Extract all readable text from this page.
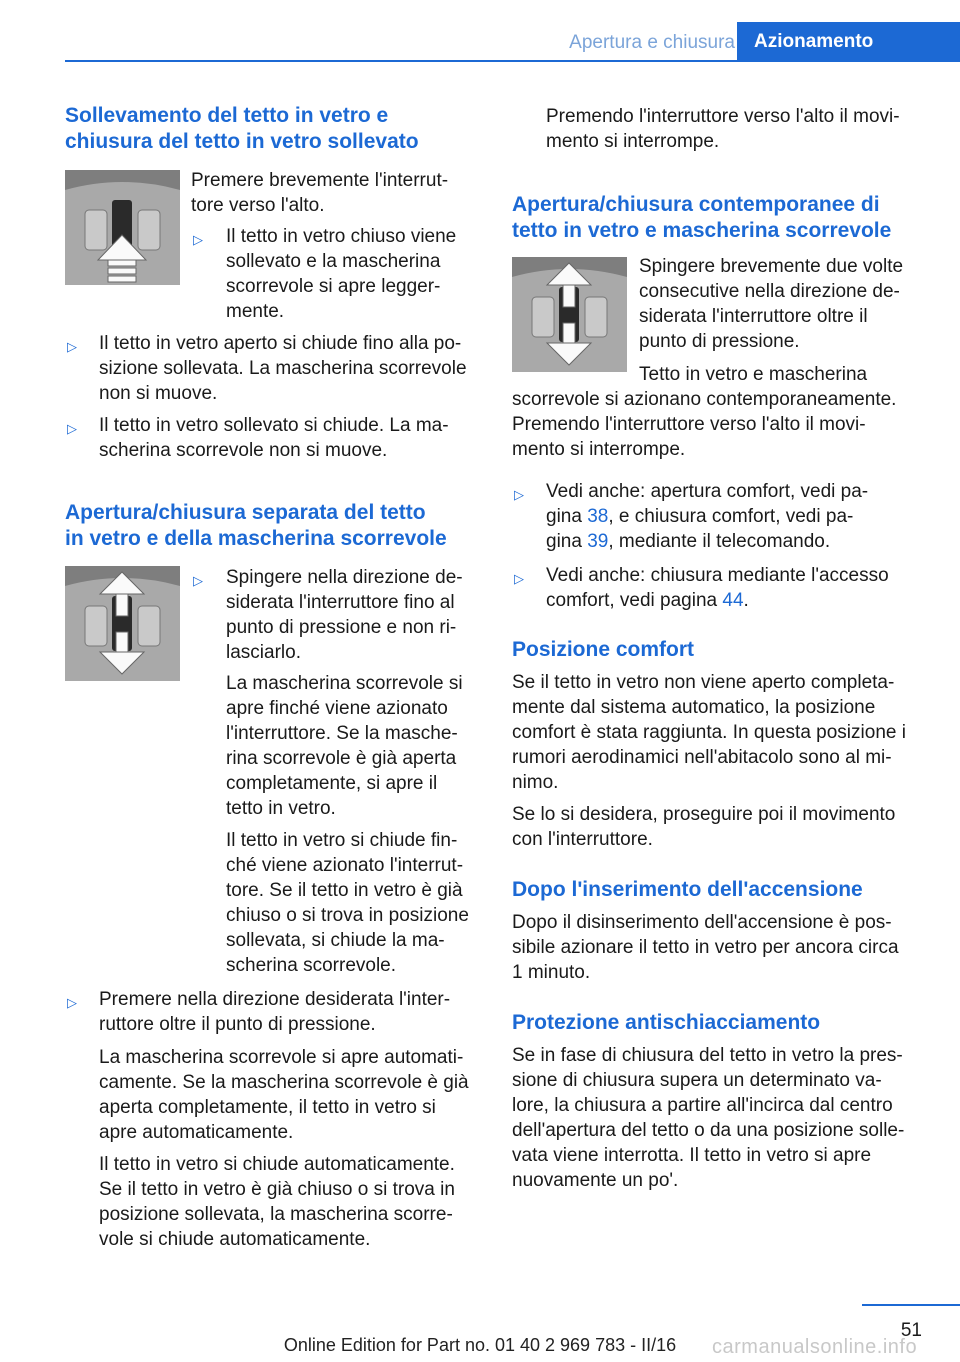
Apertura e chiusura	Azionamento
Sollevamento del tetto in vetro e
chiusura del tetto in vetro sollevato
Premere brevemente l'interrut‐
tore verso l'alto.
▷ Il tetto in vetro chiuso viene
sollevato e la mascherina
scorrevole si apre legger‐
mente.
▷ Il tetto in vetro aperto si chiude fino alla po‐
sizione sollevata. La mascherina scorrevole
non si muove.
▷ Il tetto in vetro sollevato si chiude. La ma‐
scherina scorrevole non si muove.
Apertura/chiusura separata del tetto
in vetro e della mascherina scorrevole
▷ Spingere nella direzione de‐
siderata l'interruttore fino al
punto di pressione e non ri‐
lasciarlo.
La mascherina scorrevole si
apre finché viene azionato
l'interruttore. Se la masche‐
rina scorrevole è già aperta
completamente, si apre il
tetto in vetro.
Il tetto in vetro si chiude fin‐
ché viene azionato l'interrut‐
tore. Se il tetto in vetro è già
chiuso o si trova in posizione
sollevata, si chiude la ma‐
scherina scorrevole.
▷ Premere nella direzione desiderata l'inter‐
ruttore oltre il punto di pressione.
La mascherina scorrevole si apre automati‐
camente. Se la mascherina scorrevole è già
aperta completamente, il tetto in vetro si
apre automaticamente.
Il tetto in vetro si chiude automaticamente.
Se il tetto in vetro è già chiuso o si trova in
posizione sollevata, la mascherina scorre‐
vole si chiude automaticamente.
Premendo l'interruttore verso l'alto il movi‐
mento si interrompe.
Apertura/chiusura contemporanee di
tetto in vetro e mascherina scorrevole
Spingere brevemente due volte
consecutive nella direzione de‐
siderata l'interruttore oltre il
punto di pressione.
Tetto in vetro e mascherina
scorrevole si azionano contemporaneamente.
Premendo l'interruttore verso l'alto il movi‐
mento si interrompe.
▷ Vedi anche: apertura comfort, vedi pa‐
gina 38, e chiusura comfort, vedi pa‐
gina 39, mediante il telecomando.
▷ Vedi anche: chiusura mediante l'accesso
comfort, vedi pagina 44.
Posizione comfort
Se il tetto in vetro non viene aperto completa‐
mente dal sistema automatico, la posizione
comfort è stata raggiunta. In questa posizione i
rumori aerodinamici nell'abitacolo sono al mi‐
nimo.
Se lo si desidera, proseguire poi il movimento
con l'interruttore.
Dopo l'inserimento dell'accensione
Dopo il disinserimento dell'accensione è pos‐
sibile azionare il tetto in vetro per ancora circa
1 minuto.
Protezione antischiacciamento
Se in fase di chiusura del tetto in vetro la pres‐
sione di chiusura supera un determinato va‐
lore, la chiusura a partire all'incirca dal centro
dell'apertura del tetto o da una posizione solle‐
vata viene interrotta. Il tetto in vetro si apre
nuovamente un po'.
51
Online Edition for Part no. 01 40 2 969 783 - II/16	carmanualsonline.info
